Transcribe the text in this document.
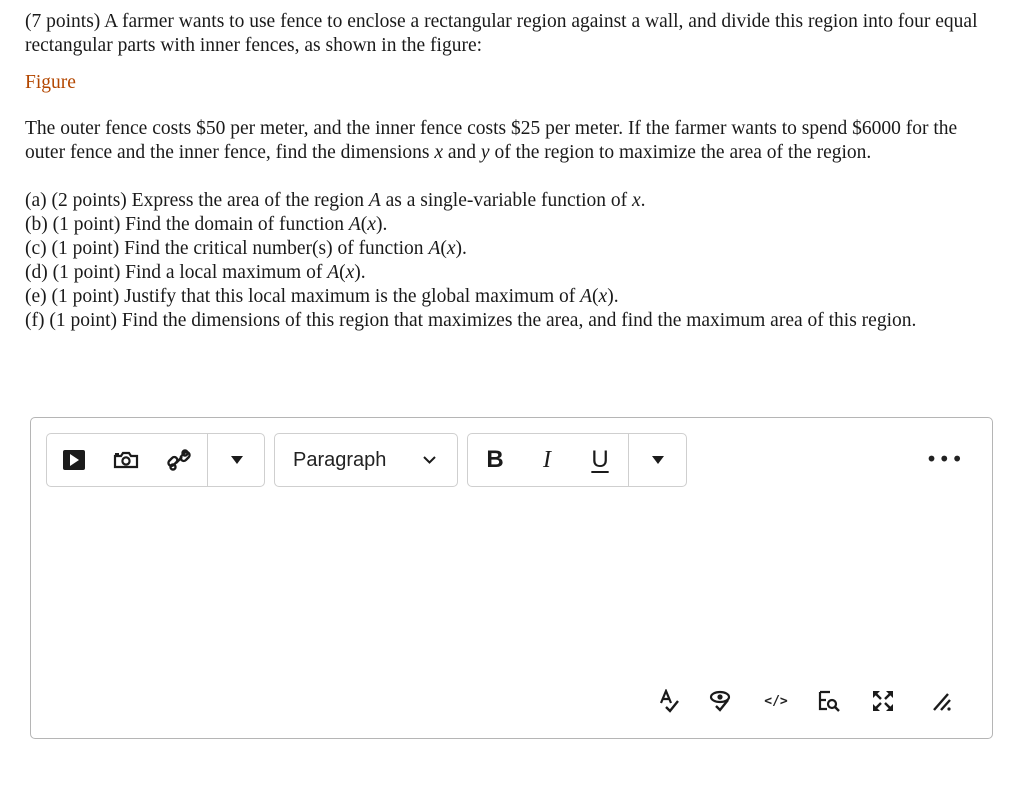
(7 points) A farmer wants to use fence to enclose a rectangular region against a wall, and divide this region into four equal rectangular parts with inner fences, as shown in the figure:

Figure

The outer fence costs $50 per meter, and the inner fence costs $25 per meter. If the farmer wants to spend $6000 for the outer fence and the inner fence, find the dimensions x and y of the region to maximize the area of the region.

(a) (2 points) Express the area of the region A as a single-variable function of x.
(b) (1 point) Find the domain of function A(x).
(c) (1 point) Find the critical number(s) of function A(x).
(d) (1 point) Find a local maximum of A(x).
(e) (1 point) Justify that this local maximum is the global maximum of A(x).
(f) (1 point) Find the dimensions of this region that maximizes the area, and find the maximum area of this region.
Paragraph	B I U	•••
</>
